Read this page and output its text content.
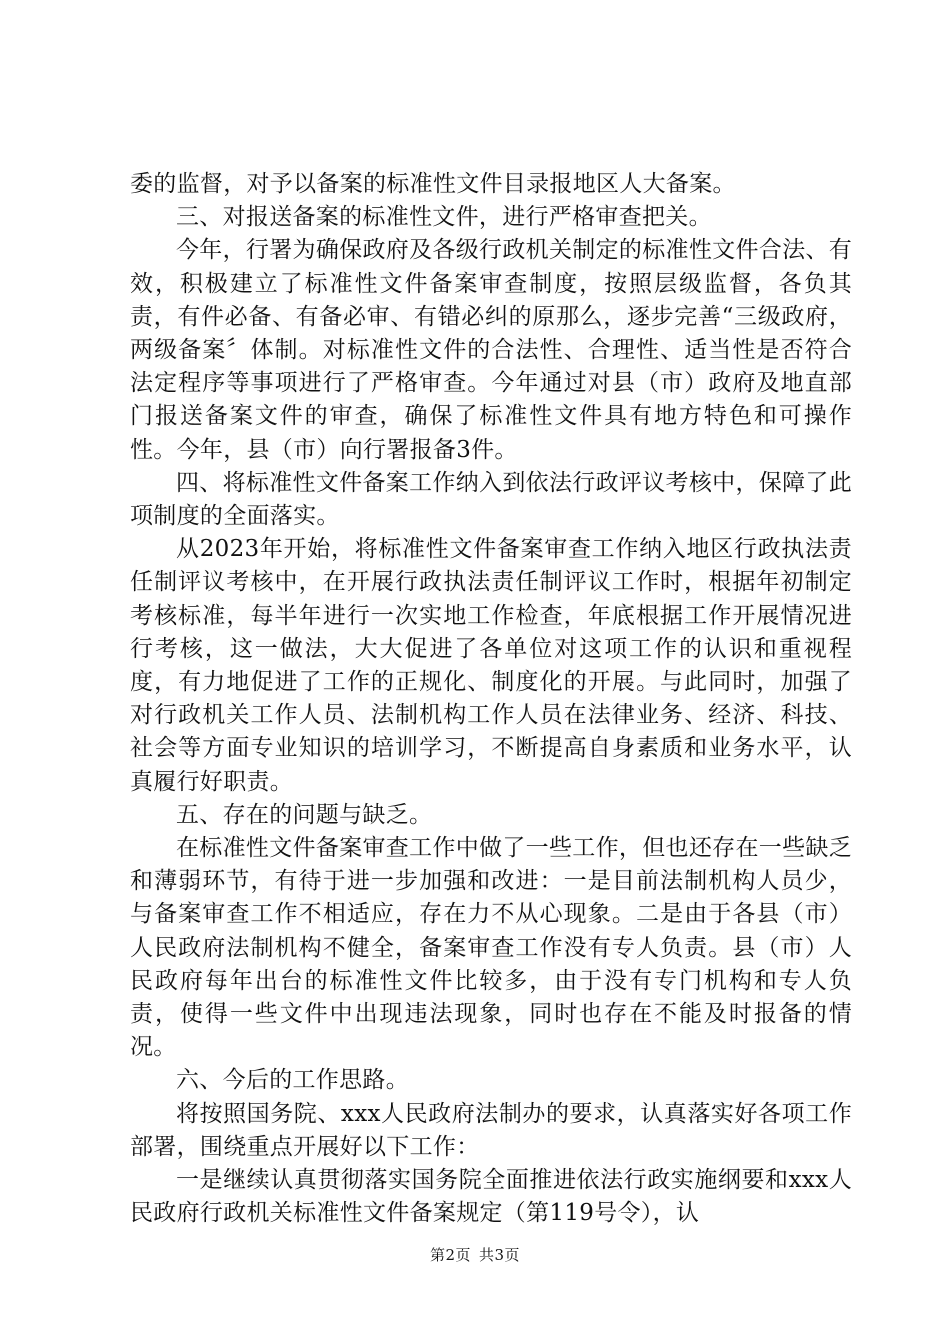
委的监督，对予以备案的标准性文件目录报地区人大备案。

三、对报送备案的标准性文件，进行严格审查把关。

今年，行署为确保政府及各级行政机关制定的标准性文件合法、有效，积极建立了标准性文件备案审查制度，按照层级监督，各负其责，有件必备、有备必审、有错必纠的原那么，逐步完善“三级政府，两级备案〞体制。对标准性文件的合法性、合理性、适当性是否符合法定程序等事项进行了严格审查。今年通过对县（市）政府及地直部门报送备案文件的审查，确保了标准性文件具有地方特色和可操作性。今年，县（市）向行署报备3件。

四、将标准性文件备案工作纳入到依法行政评议考核中，保障了此项制度的全面落实。

从2023年开始，将标准性文件备案审查工作纳入地区行政执法责任制评议考核中，在开展行政执法责任制评议工作时，根据年初制定考核标准，每半年进行一次实地工作检查，年底根据工作开展情况进行考核，这一做法，大大促进了各单位对这项工作的认识和重视程度，有力地促进了工作的正规化、制度化的开展。与此同时，加强了对行政机关工作人员、法制机构工作人员在法律业务、经济、科技、社会等方面专业知识的培训学习，不断提高自身素质和业务水平，认真履行好职责。

五、存在的问题与缺乏。

在标准性文件备案审查工作中做了一些工作，但也还存在一些缺乏和薄弱环节，有待于进一步加强和改进：一是目前法制机构人员少，与备案审查工作不相适应，存在力不从心现象。二是由于各县（市）人民政府法制机构不健全，备案审查工作没有专人负责。县（市）人民政府每年出台的标准性文件比较多，由于没有专门机构和专人负责，使得一些文件中出现违法现象，同时也存在不能及时报备的情况。

六、今后的工作思路。

将按照国务院、xxx人民政府法制办的要求，认真落实好各项工作部署，围绕重点开展好以下工作：

一是继续认真贯彻落实国务院全面推进依法行政实施纲要和xxx人民政府行政机关标准性文件备案规定（第119号令），认

第2页 共3页
